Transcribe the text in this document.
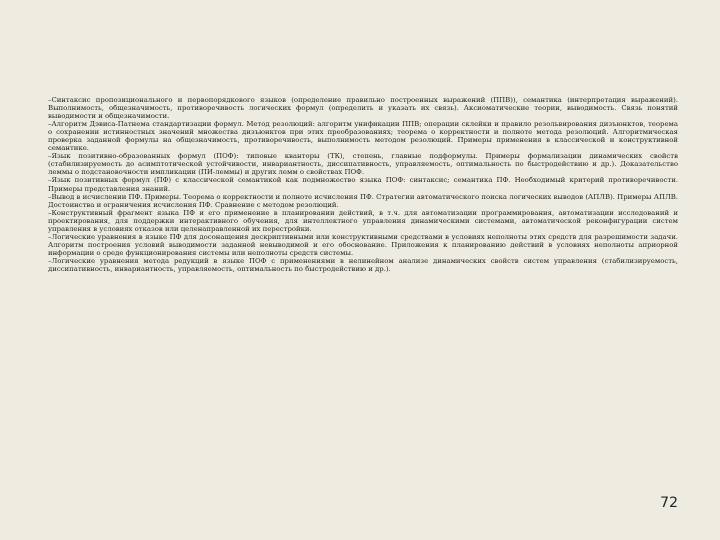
–Синтаксис пропозиционального и первопорядкового языков (определение правильно построенных выражений (ППВ)), семантика (интерпретация выражений). Выполнимость, общезначимость, противоречивость логических формул (определить и указать их связь). Аксиоматические теории, выводимость. Связь понятий выводимости и общезначимости.

–Алгоритм Дэвиса-Патнема стандартизации формул. Метод резолюций: алгоритм унификации ППВ; операции склейки и правило резольвирования дизъюнктов, теорема о сохранении истинностных значений множества дизъюнктов при этих преобразованиях; теорема о корректности и полноте метода резолюций. Алгоритмическая проверка заданной формулы на общезначимость, противоречивость, выполнимость методом резолюций. Примеры применения в классической и конструктивной семантике.

–Язык позитивно-образованных формул (ПОФ): типовые кванторы (ТК), степень, главные подформулы. Примеры формализации динамических свойств (стабилизируемость до асимптотической устойчивости, инвариантность, диссипативность, управляемость, оптимальность по быстродействию и др.). Доказательство леммы о подстановочности импликации (ПИ-леммы) и других лемм о свойствах ПОФ.

–Язык позитивных формул (ПФ) с классической семантикой как подмножество языка ПОФ: синтаксис; семантика ПФ. Необходимый критерий противоречивости. Примеры представления знаний.

–Вывод в исчислении ПФ. Примеры. Теорема о корректности и полноте исчисления ПФ. Стратегии автоматического поиска логических выводов (АПЛВ). Примеры АПЛВ. Достоинства и ограничения исчисления ПФ. Сравнение с методом резолюций.

–Конструктивный фрагмент языка ПФ и его применение в планировании действий, в т.ч. для автоматизации программирования, автоматизации исследований и проектирования, для поддержки интерактивного обучения, для интеллектного управления динамическими системами, автоматической реконфигурации систем управления в условиях отказов или целенаправленной их перестройки.

–Логические уравнения в языке ПФ для досонащения дескриптивными или конструктивными средствами в условиях неполноты этих средств для разрешимости задачи. Алгоритм построения условий выводимости заданной невыводимой и его обоснование. Приложения к планированию действий в условиях неполноты априорной информации о среде функционирования системы или неполноты средств системы.

–Логические уравнения метода редукций в языке ПОФ с применениями в нелинейном анализе динамических свойств систем управления (стабилизируемость, диссипативность, инвариантность, управляемость, оптимальность по быстродействию и др.).

72
